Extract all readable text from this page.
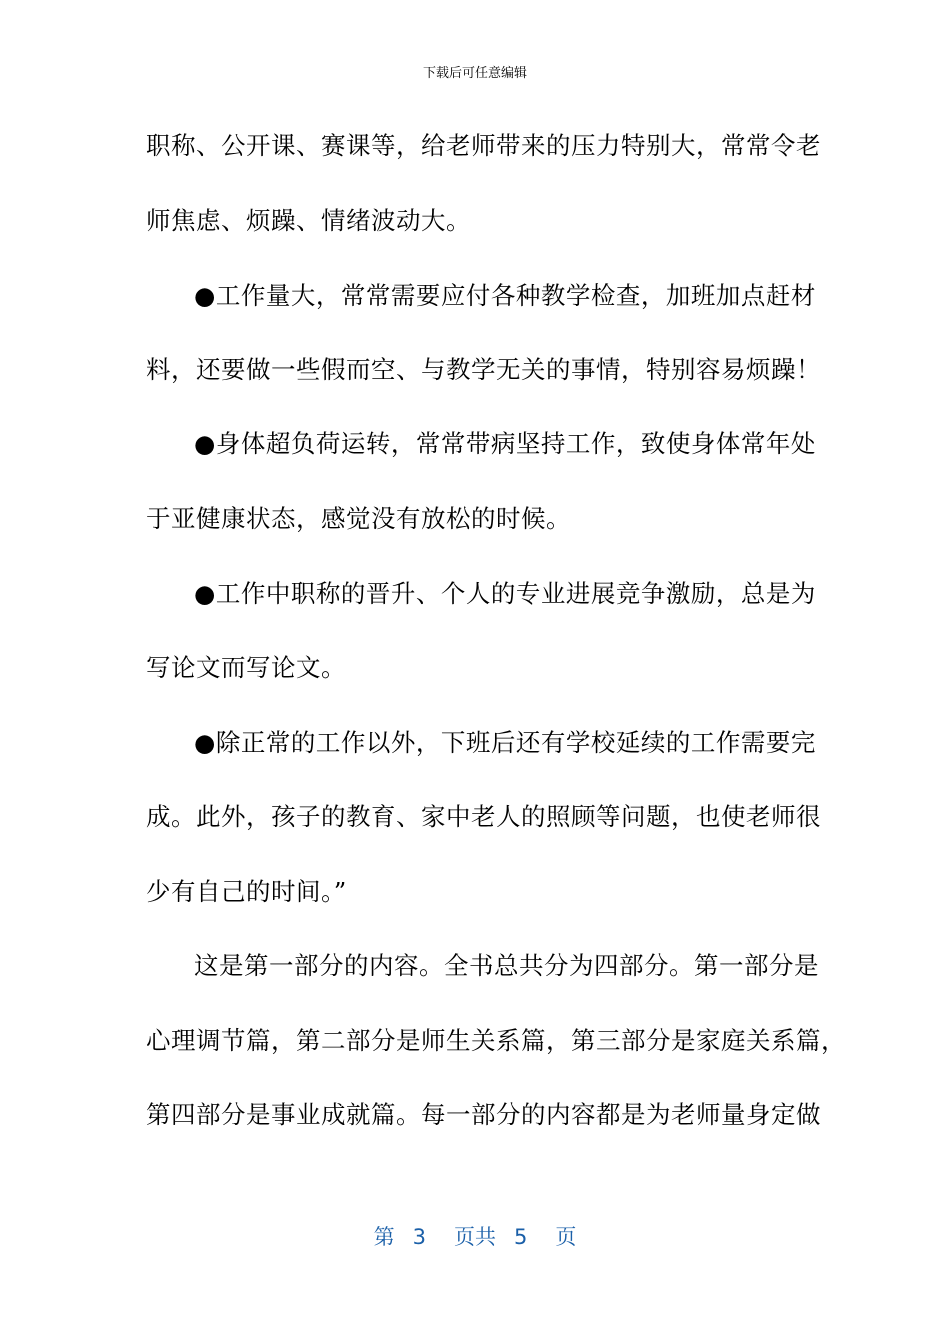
下载后可任意编辑
职称、公开课、赛课等，给老师带来的压力特别大，常常令老
师焦虑、烦躁、情绪波动大。
●工作量大，常常需要应付各种教学检查，加班加点赶材
料，还要做一些假而空、与教学无关的事情，特别容易烦躁！
●身体超负荷运转，常常带病坚持工作，致使身体常年处
于亚健康状态，感觉没有放松的时候。
●工作中职称的晋升、个人的专业进展竞争激励，总是为
写论文而写论文。
●除正常的工作以外，下班后还有学校延续的工作需要完
成。此外，孩子的教育、家中老人的照顾等问题，也使老师很
少有自己的时间。”
这是第一部分的内容。全书总共分为四部分。第一部分是
心理调节篇，第二部分是师生关系篇，第三部分是家庭关系篇，
第四部分是事业成就篇。每一部分的内容都是为老师量身定做
第 3 页共 5 页
